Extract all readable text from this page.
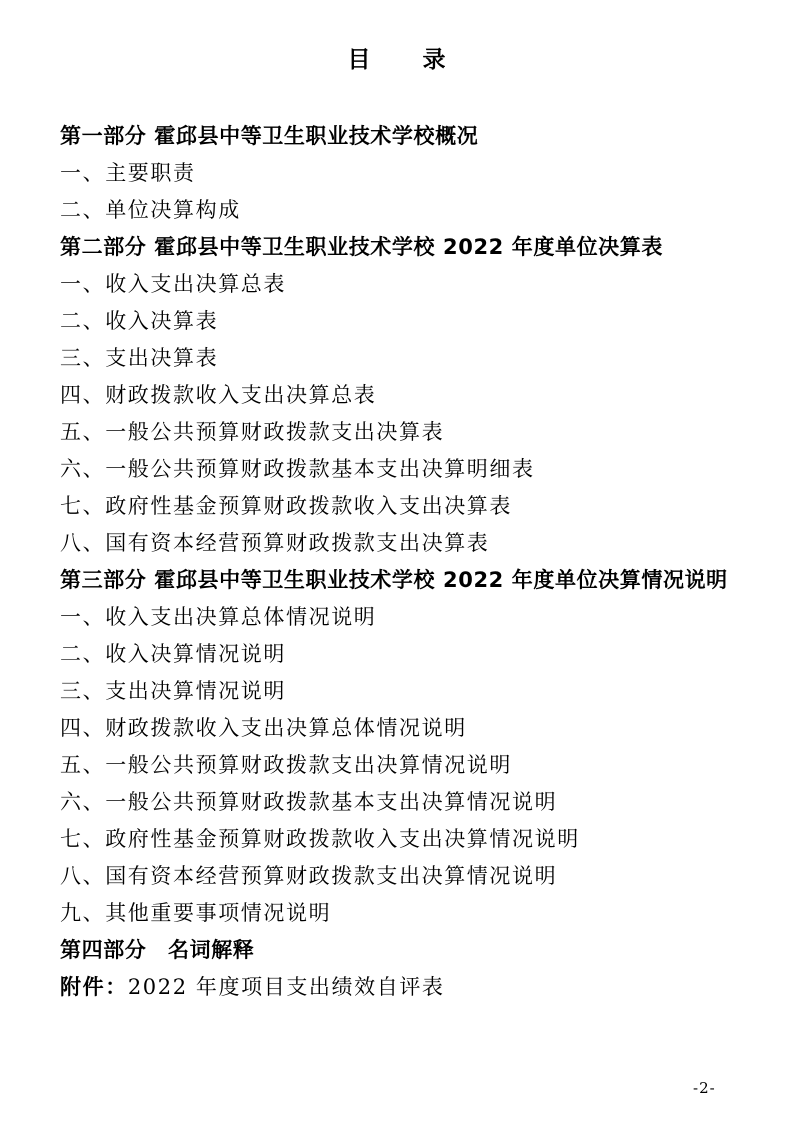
目 录
第一部分 霍邱县中等卫生职业技术学校概况
一、主要职责
二、单位决算构成
第二部分 霍邱县中等卫生职业技术学校 2022 年度单位决算表
一、收入支出决算总表
二、收入决算表
三、支出决算表
四、财政拨款收入支出决算总表
五、一般公共预算财政拨款支出决算表
六、一般公共预算财政拨款基本支出决算明细表
七、政府性基金预算财政拨款收入支出决算表
八、国有资本经营预算财政拨款支出决算表
第三部分 霍邱县中等卫生职业技术学校 2022 年度单位决算情况说明
一、收入支出决算总体情况说明
二、收入决算情况说明
三、支出决算情况说明
四、财政拨款收入支出决算总体情况说明
五、一般公共预算财政拨款支出决算情况说明
六、一般公共预算财政拨款基本支出决算情况说明
七、政府性基金预算财政拨款收入支出决算情况说明
八、国有资本经营预算财政拨款支出决算情况说明
九、其他重要事项情况说明
第四部分　名词解释
附件：2022 年度项目支出绩效自评表
-2-
